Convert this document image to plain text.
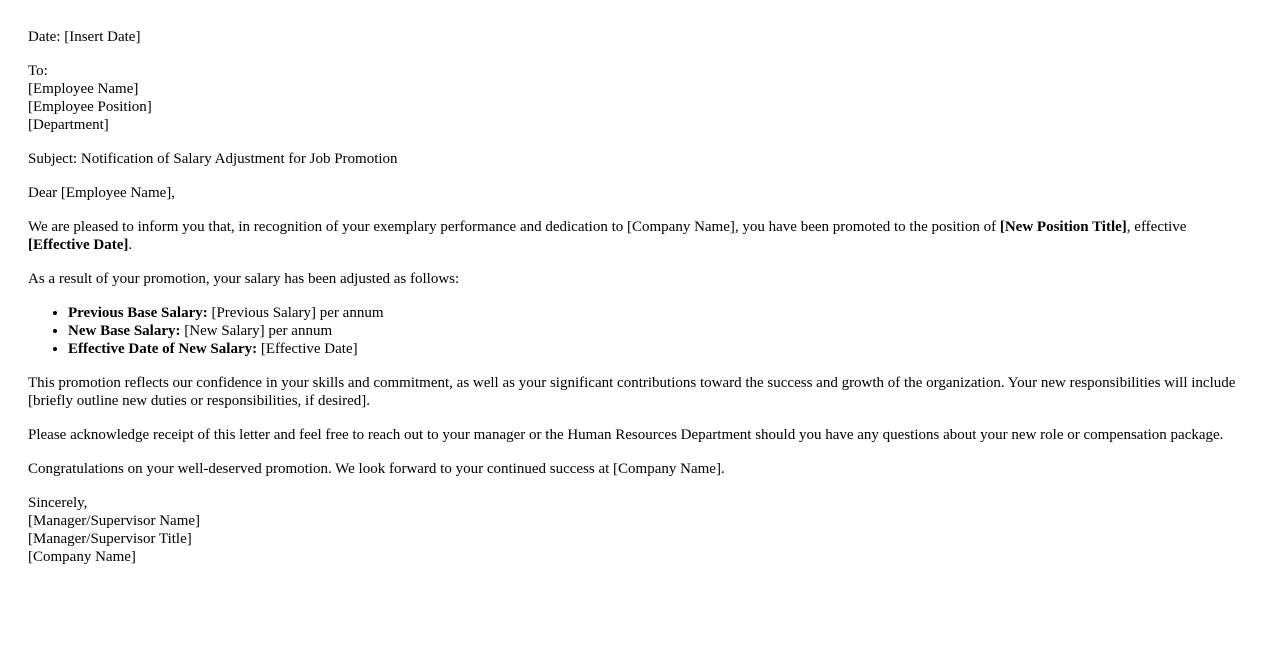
Date: [Insert Date]
To:
[Employee Name]
[Employee Position]
[Department]
Subject: Notification of Salary Adjustment for Job Promotion
Dear [Employee Name],
We are pleased to inform you that, in recognition of your exemplary performance and dedication to [Company Name], you have been promoted to the position of [New Position Title], effective [Effective Date].
As a result of your promotion, your salary has been adjusted as follows:
• Previous Base Salary: [Previous Salary] per annum
• New Base Salary: [New Salary] per annum
• Effective Date of New Salary: [Effective Date]
This promotion reflects our confidence in your skills and commitment, as well as your significant contributions toward the success and growth of the organization. Your new responsibilities will include [briefly outline new duties or responsibilities, if desired].
Please acknowledge receipt of this letter and feel free to reach out to your manager or the Human Resources Department should you have any questions about your new role or compensation package.
Congratulations on your well-deserved promotion. We look forward to your continued success at [Company Name].
Sincerely,
[Manager/Supervisor Name]
[Manager/Supervisor Title]
[Company Name]
